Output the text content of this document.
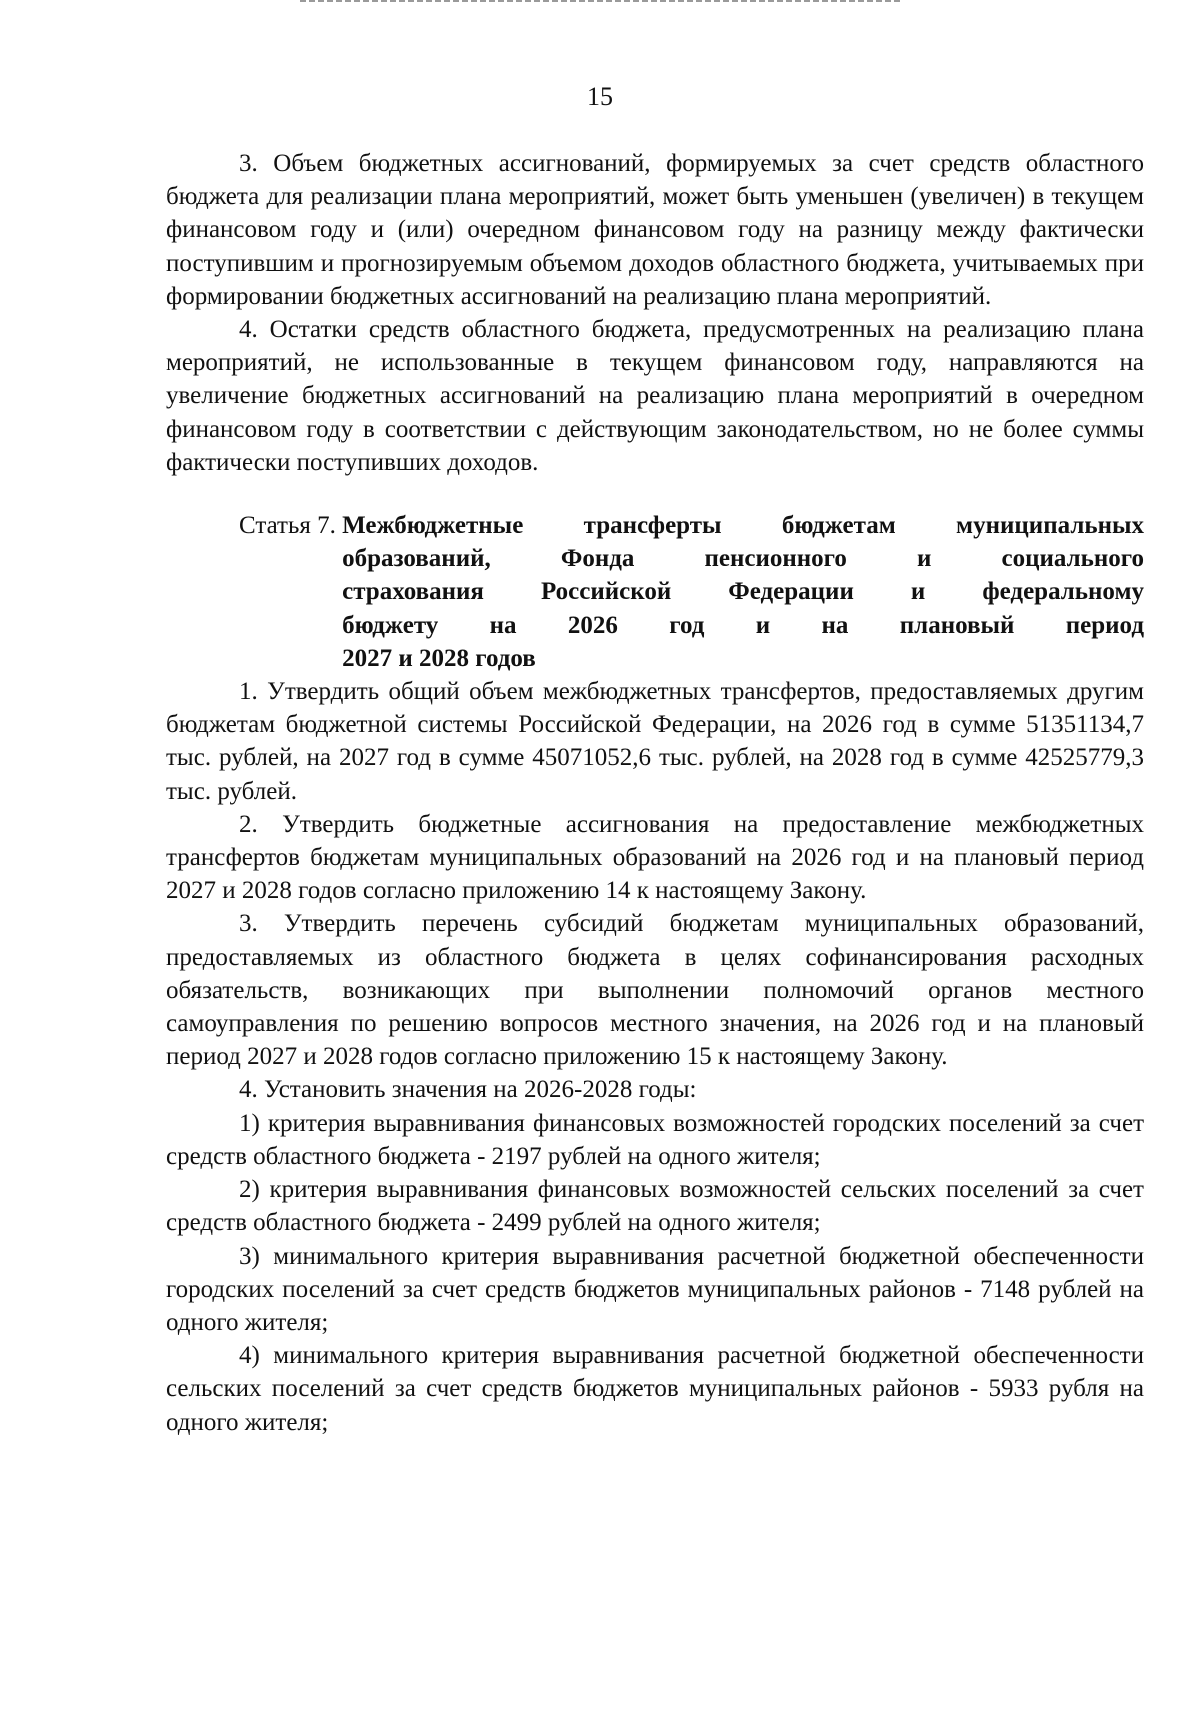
15

3. Объем бюджетных ассигнований, формируемых за счет средств областного бюджета для реализации плана мероприятий, может быть уменьшен (увеличен) в текущем финансовом году и (или) очередном финансовом году на разницу между фактически поступившим и прогнозируемым объемом доходов областного бюджета, учитываемых при формировании бюджетных ассигнований на реализацию плана мероприятий.

4. Остатки средств областного бюджета, предусмотренных на реализацию плана мероприятий, не использованные в текущем финансовом году, направляются на увеличение бюджетных ассигнований на реализацию плана мероприятий в очередном финансовом году в соответствии с действующим законодательством, но не более суммы фактически поступивших доходов.

Статья 7. Межбюджетные трансферты бюджетам муниципальных
образований, Фонда пенсионного и социального
страхования Российской Федерации и федеральному
бюджету на 2026 год и на плановый период
2027 и 2028 годов

1. Утвердить общий объем межбюджетных трансфертов, предоставляемых другим бюджетам бюджетной системы Российской Федерации, на 2026 год в сумме 51351134,7 тыс. рублей, на 2027 год в сумме 45071052,6 тыс. рублей, на 2028 год в сумме 42525779,3 тыс. рублей.

2. Утвердить бюджетные ассигнования на предоставление межбюджетных трансфертов бюджетам муниципальных образований на 2026 год и на плановый период 2027 и 2028 годов согласно приложению 14 к настоящему Закону.

3. Утвердить перечень субсидий бюджетам муниципальных образований, предоставляемых из областного бюджета в целях софинансирования расходных обязательств, возникающих при выполнении полномочий органов местного самоуправления по решению вопросов местного значения, на 2026 год и на плановый период 2027 и 2028 годов согласно приложению 15 к настоящему Закону.

4. Установить значения на 2026-2028 годы:

1) критерия выравнивания финансовых возможностей городских поселений за счет средств областного бюджета - 2197 рублей на одного жителя;

2) критерия выравнивания финансовых возможностей сельских поселений за счет средств областного бюджета - 2499 рублей на одного жителя;

3) минимального критерия выравнивания расчетной бюджетной обеспеченности городских поселений за счет средств бюджетов муниципальных районов - 7148 рублей на одного жителя;

4) минимального критерия выравнивания расчетной бюджетной обеспеченности сельских поселений за счет средств бюджетов муниципальных районов - 5933 рубля на одного жителя;
